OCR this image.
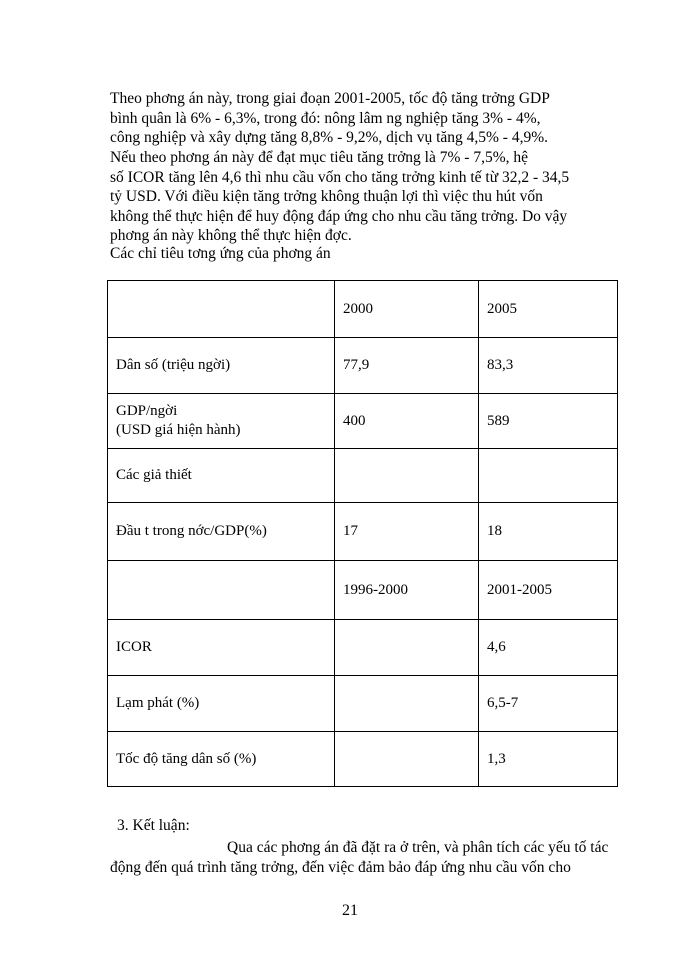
Theo phơng án này, trong giai đoạn 2001-2005, tốc độ tăng trởng GDP
bình quân là 6% - 6,3%, trong đó: nông lâm ng nghiệp tăng 3% - 4%,
công nghiệp và xây dựng tăng 8,8% - 9,2%, dịch vụ tăng 4,5% - 4,9%.

Nếu theo phơng án này để đạt mục tiêu tăng trởng là 7% - 7,5%, hệ
số ICOR tăng lên 4,6 thì nhu cầu vốn cho tăng trởng kinh tế từ 32,2 - 34,5
tỷ USD. Với điều kiện tăng trởng không thuận lợi thì việc thu hút vốn
không thể thực hiện để huy động đáp ứng cho nhu cầu tăng trởng. Do vậy
phơng án này không thể thực hiện đợc.

Các chỉ tiêu tơng ứng của phơng án

	2000	2005
Dân số (triệu ngời)	77,9	83,3
GDP/ngời
(USD giá hiện hành)	400	589
Các giả thiết		
Đầu t trong nớc/GDP(%)	17	18
	1996-2000	2001-2005
ICOR		4,6
Lạm phát (%)		6,5-7
Tốc độ tăng dân số (%)		1,3
3. Kết luận:

Qua các phơng án đã đặt ra ở trên, và phân tích các yếu tố tác
động đến quá trình tăng trởng, đến việc đảm bảo đáp ứng nhu cầu vốn cho

21
